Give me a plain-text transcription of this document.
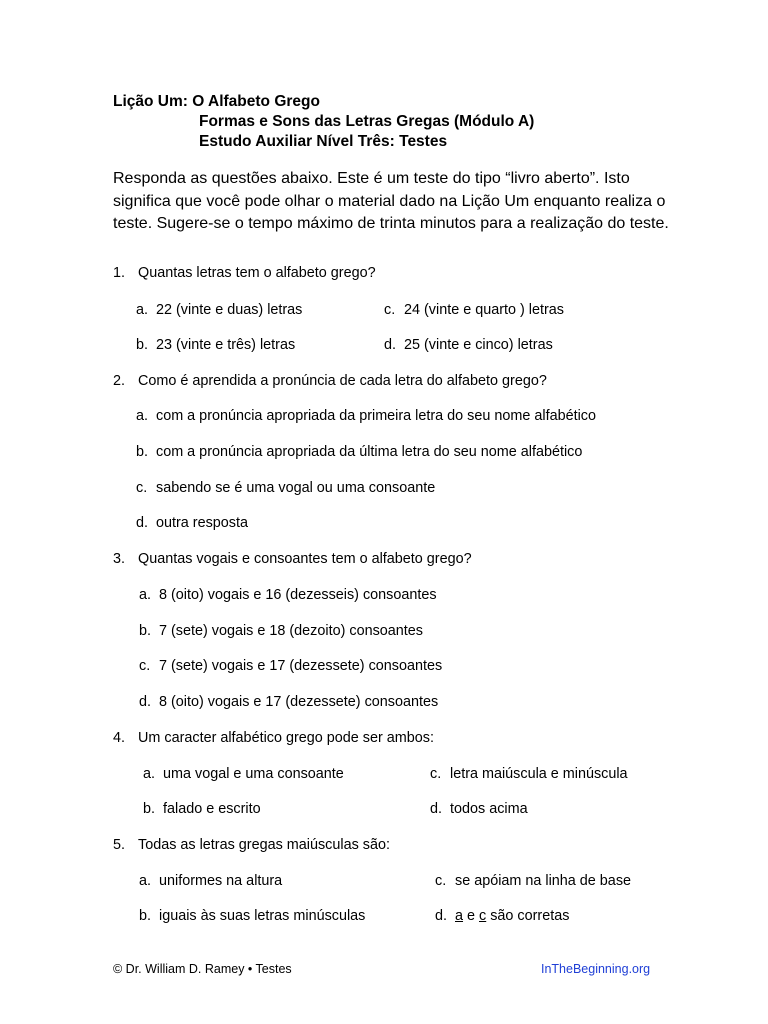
Lição Um: O Alfabeto Grego
Formas e Sons das Letras Gregas (Módulo A)
Estudo Auxiliar Nível Três: Testes
Responda as questões abaixo. Este é um teste do tipo “livro aberto”. Isto significa que você pode olhar o material dado na Lição Um enquanto realiza o teste. Sugere-se o tempo máximo de trinta minutos para a realização do teste.
1. Quantas letras tem o alfabeto grego?
a. 22 (vinte e duas) letras	c. 24 (vinte e quarto ) letras
b. 23 (vinte e três) letras	d. 25 (vinte e cinco) letras
2. Como é aprendida a pronúncia de cada letra do alfabeto grego?
a. com a pronúncia apropriada da primeira letra do seu nome alfabético
b. com a pronúncia apropriada da última letra do seu nome alfabético
c. sabendo se é uma vogal ou uma consoante
d. outra resposta
3. Quantas vogais e consoantes tem o alfabeto grego?
a. 8 (oito) vogais e 16 (dezesseis) consoantes
b. 7 (sete) vogais e 18 (dezoito) consoantes
c. 7 (sete) vogais e 17 (dezessete) consoantes
d. 8 (oito) vogais e 17 (dezessete) consoantes
4. Um caracter alfabético grego pode ser ambos:
a. uma vogal e uma consoante	c. letra maiúscula e minúscula
b. falado e escrito	d. todos acima
5. Todas as letras gregas maiúsculas são:
a. uniformes na altura	c. se apóiam na linha de base
b. iguais às suas letras minúsculas	d. a e c são corretas
© Dr. William D. Ramey • Testes	InTheBeginning.org
